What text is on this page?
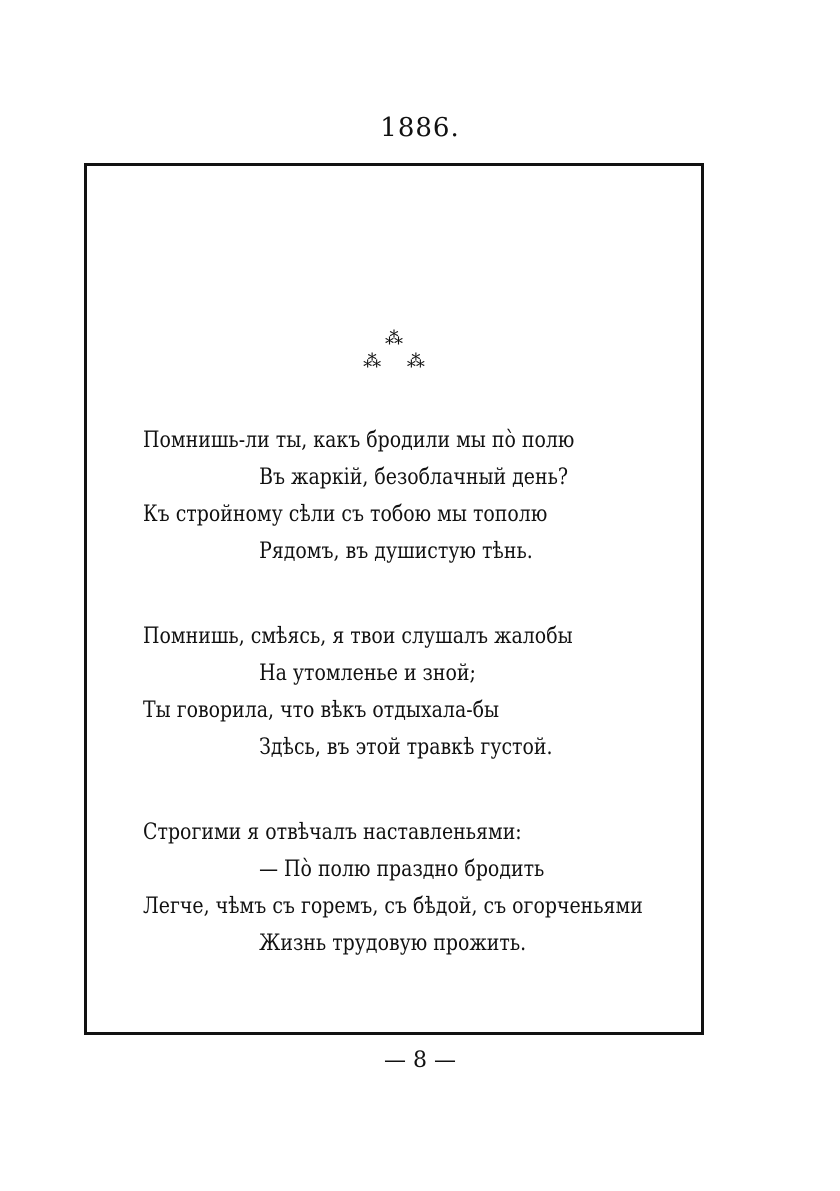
1886.
⁂
⁂ ⁂
Помнишь-ли ты, какъ бродили мы по̀ полю
Въ жаркій, безоблачный день?
Къ стройному сѣли съ тобою мы тополю
Рядомъ, въ душистую тѣнь.
Помнишь, смѣясь, я твои слушалъ жалобы
На утомленье и зной;
Ты говорила, что вѣкъ отдыхала-бы
Здѣсь, въ этой травкѣ густой.
Строгими я отвѣчалъ наставленьями:
— По̀ полю праздно бродить
Легче, чѣмъ съ горемъ, съ бѣдой, съ огорченьями
Жизнь трудовую прожить.
— 8 —
